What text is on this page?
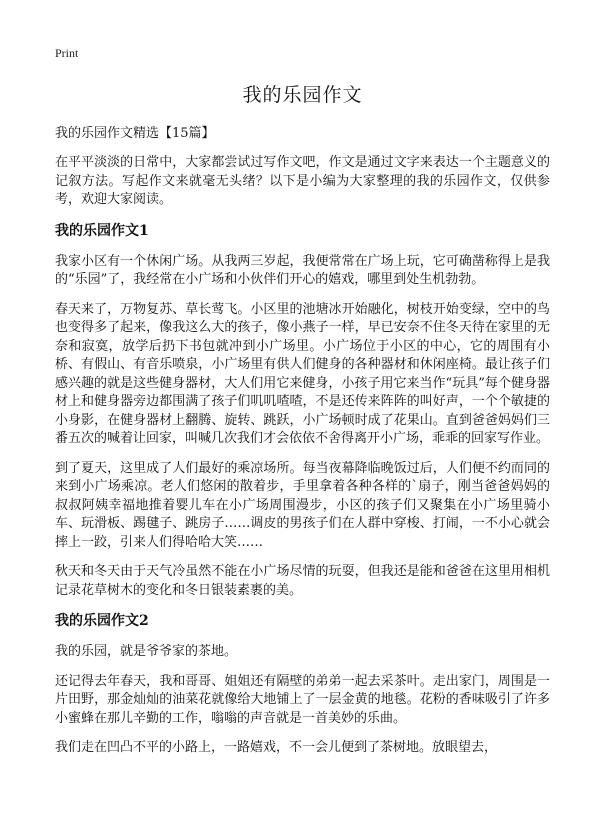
Print
我的乐园作文
我的乐园作文精选【15篇】

在平平淡淡的日常中，大家都尝试过写作文吧，作文是通过文字来表达一个主题意义的记叙方法。写起作文来就毫无头绪？以下是小编为大家整理的我的乐园作文，仅供参考，欢迎大家阅读。

我的乐园作文1

我家小区有一个休闲广场。从我两三岁起，我便常常在广场上玩，它可确凿称得上是我的“乐园”了，我经常在小广场和小伙伴们开心的嬉戏，哪里到处生机勃勃。

春天来了，万物复苏、草长莺飞。小区里的池塘冰开始融化，树枝开始变绿，空中的鸟也变得多了起来，像我这么大的孩子，像小燕子一样，早已安奈不住冬天待在家里的无奈和寂寞，放学后扔下书包就冲到小广场里。小广场位于小区的中心，它的周围有小桥、有假山、有音乐喷泉，小广场里有供人们健身的各种器材和休闲座椅。最让孩子们感兴趣的就是这些健身器材，大人们用它来健身，小孩子用它来当作“玩具”每个健身器材上和健身器旁边都围满了孩子们叽叽喳喳，不是还传来阵阵的叫好声，一个个敏捷的小身影，在健身器材上翻腾、旋转、跳跃，小广场顿时成了花果山。直到爸爸妈妈们三番五次的喊着让回家，叫喊几次我们才会依依不舍得离开小广场，乖乖的回家写作业。

到了夏天，这里成了人们最好的乘凉场所。每当夜幕降临晚饭过后，人们便不约而同的来到小广场乘凉。老人们悠闲的散着步，手里拿着各种各样的`扇子，刚当爸爸妈妈的叔叔阿姨幸福地推着婴儿车在小广场周围漫步，小区的孩子们又聚集在小广场里骑小车、玩滑板、踢毽子、跳房子……调皮的男孩子们在人群中穿梭、打闹，一不小心就会摔上一跤，引来人们得哈哈大笑……

秋天和冬天由于天气冷虽然不能在小广场尽情的玩耍，但我还是能和爸爸在这里用相机记录花草树木的变化和冬日银装素裹的美。

我的乐园作文2

我的乐园，就是爷爷家的茶地。

还记得去年春天，我和哥哥、姐姐还有隔壁的弟弟一起去采茶叶。走出家门，周围是一片田野，那金灿灿的油菜花就像给大地铺上了一层金黄的地毯。花粉的香味吸引了许多小蜜蜂在那儿辛勤的工作，嗡嗡的声音就是一首美妙的乐曲。

我们走在凹凸不平的小路上，一路嬉戏，不一会儿便到了茶树地。放眼望去，
